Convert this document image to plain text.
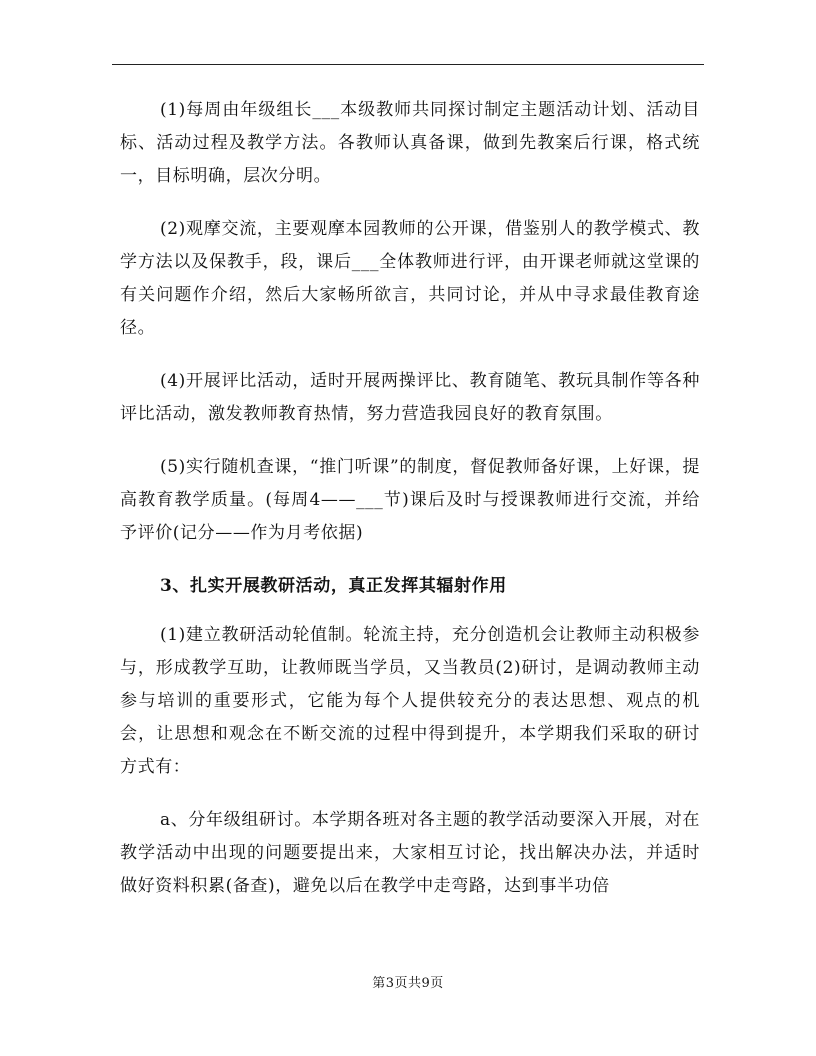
(1)每周由年级组长___本级教师共同探讨制定主题活动计划、活动目标、活动过程及教学方法。各教师认真备课，做到先教案后行课，格式统一，目标明确，层次分明。

(2)观摩交流，主要观摩本园教师的公开课，借鉴别人的教学模式、教学方法以及保教手，段，课后___全体教师进行评，由开课老师就这堂课的有关问题作介绍，然后大家畅所欲言，共同讨论，并从中寻求最佳教育途径。

(4)开展评比活动，适时开展两操评比、教育随笔、教玩具制作等各种评比活动，激发教师教育热情，努力营造我园良好的教育氛围。

(5)实行随机查课，“推门听课”的制度，督促教师备好课，上好课，提高教育教学质量。(每周4——___节)课后及时与授课教师进行交流，并给予评价(记分——作为月考依据)

3、扎实开展教研活动，真正发挥其辐射作用

(1)建立教研活动轮值制。轮流主持，充分创造机会让教师主动积极参与，形成教学互助，让教师既当学员，又当教员(2)研讨，是调动教师主动参与培训的重要形式，它能为每个人提供较充分的表达思想、观点的机会，让思想和观念在不断交流的过程中得到提升，本学期我们采取的研讨方式有：

a、分年级组研讨。本学期各班对各主题的教学活动要深入开展，对在教学活动中出现的问题要提出来，大家相互讨论，找出解决办法，并适时做好资料积累(备查)，避免以后在教学中走弯路，达到事半功倍

第3页共9页
